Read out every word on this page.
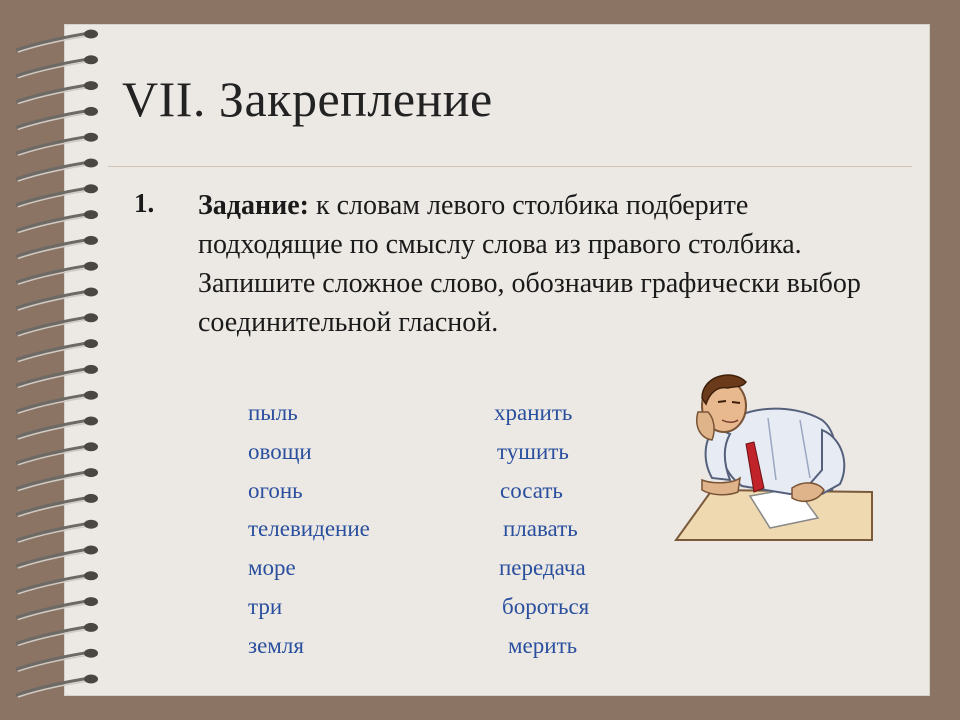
VII. Закрепление
1. Задание: к словам левого столбика подберите подходящие по смыслу слова из правого столбика. Запишите сложное слово, обозначив графически выбор соединительной гласной.
пыль
овощи
огонь
телевидение
море
три
земля
хранить
тушить
сосать
плавать
передача
бороться
мерить
